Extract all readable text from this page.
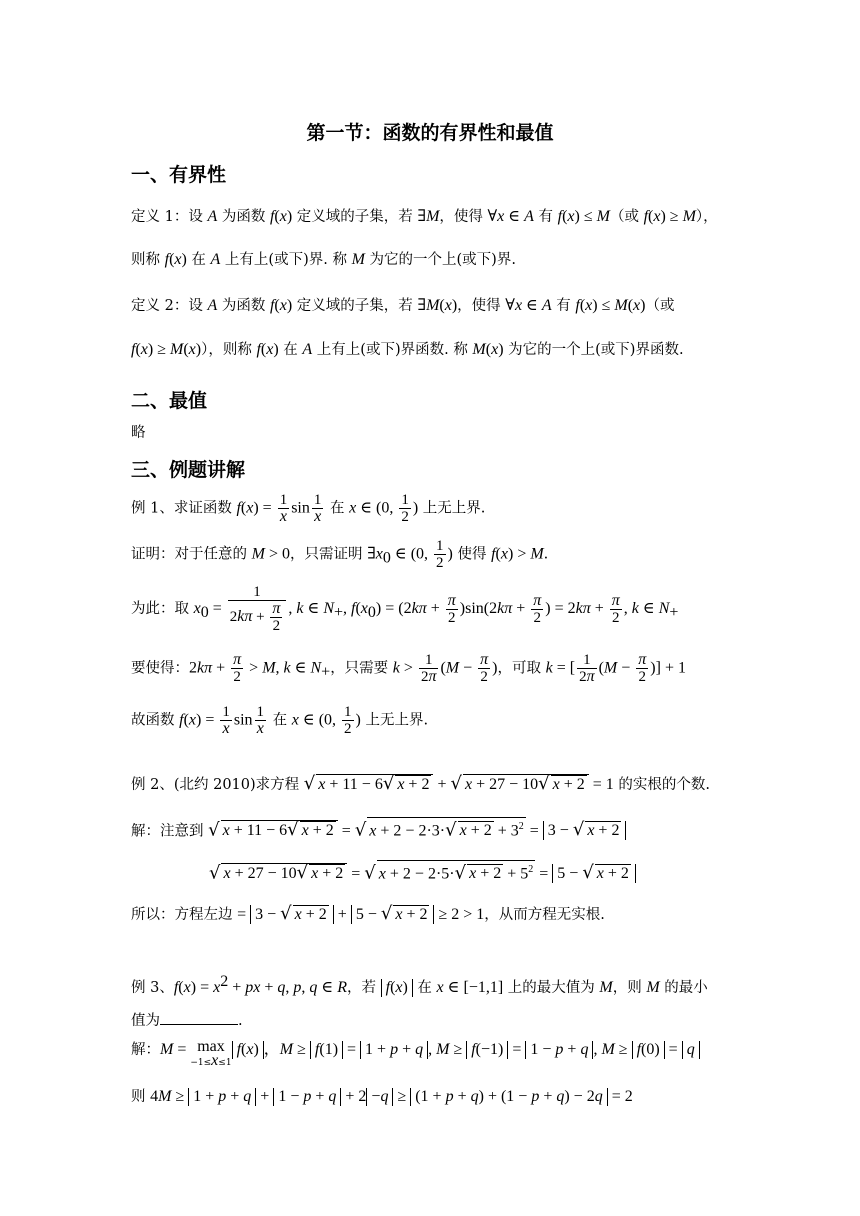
第一节：函数的有界性和最值
一、有界性
定义 1：设 A 为函数 f(x) 定义域的子集，若 ∃M，使得 ∀x ∈ A 有 f(x) ≤ M（或 f(x) ≥ M），
则称 f(x) 在 A 上有上(或下)界. 称 M 为它的一个上(或下)界.
定义 2：设 A 为函数 f(x) 定义域的子集，若 ∃M(x)，使得 ∀x ∈ A 有 f(x) ≤ M(x)（或
f(x) ≥ M(x)），则称 f(x) 在 A 上有上(或下)界函数. 称 M(x) 为它的一个上(或下)界函数.
二、最值
略
三、例题讲解
例 1、求证函数 $f(x) = \frac{1}{x}$ $\sin \frac{1}{x}$ 在 x ∈ (0, $\frac{1}{2}$ ) 上无上界.
证明：对于任意的 M > 0，只需证明 $\exists x_0$ ∈ (0, $\frac{1}{2}$ ) 使得 f(x) > M.
为此：取 $x_0 = \frac{1}{2k\pi + \frac{\pi}{2}}$ , k ∈ $N_+$, $f(x_0) = (2k\pi + \frac{\pi}{2} )\sin(2k\pi + \frac{\pi}{2}$ ) = $2k\pi + \frac{\pi}{2}$ , k ∈ $N_+$
要使得：$2k\pi + \frac{\pi}{2} > M$, k ∈ $N_+$，只需要 $k > \frac{1}{2\pi} (M - \frac{\pi}{2}$ )，可取 k = [ $\frac{1}{2\pi} (M - \frac{\pi}{2}$ )] + 1
故函数 $f(x) = \frac{1}{x}$ $\sin \frac{1}{x}$ 在 x ∈ (0, $\frac{1}{2}$ ) 上无上界.
例 2、(北约 2010)求方程 √ x + 11 − 6√ x + 2 + √ x + 27 − 10√ x + 2 = 1 的实根的个数.
解：注意到 √ x + 11 − 6√ x + 2 = √ x + 2 − 2·3·√ $x + 2 + 3^2 = 3$ − √ x + 2
√ x + 27 − 10√ x + 2 = √ x + 2 − 2·5·√ $x + 2 + 5^2 = 5$ − √ x + 2
所以：方程左边 = 3 − √ x + 2 + 5 − √ x + 2 ≥ 2 > 1，从而方程无实根.
例 3、$f(x) = x^2$ + px + q, p, q ∈ R，若 f(x) 在 x ∈ [−1,1] 上的最大值为 M，则 M 的最小
值为	.
解：M = max
−1≤x≤1
f(x) ，M ≥ f(1) = 1 + p + q , M ≥ f(−1) = 1 − p + q , M ≥ f(0) = q
则 4M ≥ 1 + p + q + 1 − p + q + 2 −q ≥ (1 + p + q) + (1 − p + q) − 2q = 2
